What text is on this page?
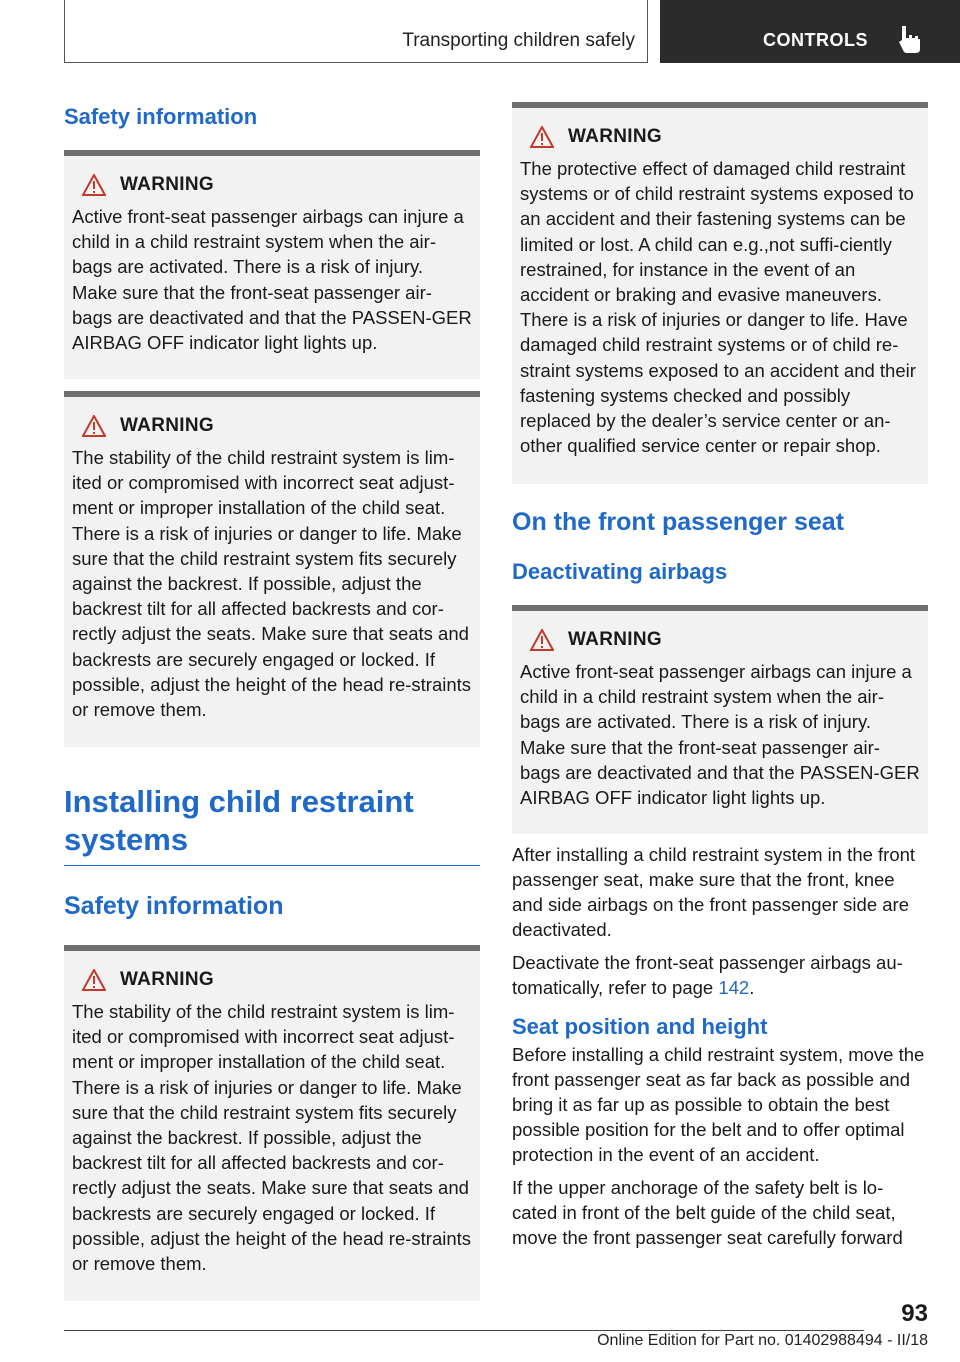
Transporting children safely	CONTROLS
Safety information
WARNING
Active front-seat passenger airbags can injure a child in a child restraint system when the air-bags are activated. There is a risk of injury. Make sure that the front-seat passenger air-bags are deactivated and that the PASSEN-GER AIRBAG OFF indicator light lights up.
WARNING
The stability of the child restraint system is lim-ited or compromised with incorrect seat adjust-ment or improper installation of the child seat. There is a risk of injuries or danger to life. Make sure that the child restraint system fits securely against the backrest. If possible, adjust the backrest tilt for all affected backrests and cor-rectly adjust the seats. Make sure that seats and backrests are securely engaged or locked. If possible, adjust the height of the head re-straints or remove them.
Installing child restraint systems
Safety information
WARNING
The stability of the child restraint system is lim-ited or compromised with incorrect seat adjust-ment or improper installation of the child seat. There is a risk of injuries or danger to life. Make sure that the child restraint system fits securely against the backrest. If possible, adjust the backrest tilt for all affected backrests and cor-rectly adjust the seats. Make sure that seats and backrests are securely engaged or locked. If possible, adjust the height of the head re-straints or remove them.
WARNING
The protective effect of damaged child restraint systems or of child restraint systems exposed to an accident and their fastening systems can be limited or lost. A child can e.g.,not suffi-ciently restrained, for instance in the event of an accident or braking and evasive maneuvers. There is a risk of injuries or danger to life. Have damaged child restraint systems or of child re-straint systems exposed to an accident and their fastening systems checked and possibly replaced by the dealer’s service center or an-other qualified service center or repair shop.
On the front passenger seat
Deactivating airbags
WARNING
Active front-seat passenger airbags can injure a child in a child restraint system when the air-bags are activated. There is a risk of injury. Make sure that the front-seat passenger air-bags are deactivated and that the PASSEN-GER AIRBAG OFF indicator light lights up.

After installing a child restraint system in the front passenger seat, make sure that the front, knee and side airbags on the front passenger side are deactivated.

Deactivate the front-seat passenger airbags au-tomatically, refer to page 142.

Seat position and height

Before installing a child restraint system, move the front passenger seat as far back as possible and bring it as far up as possible to obtain the best possible position for the belt and to offer optimal protection in the event of an accident.

If the upper anchorage of the safety belt is lo-cated in front of the belt guide of the child seat, move the front passenger seat carefully forward

93
Online Edition for Part no. 01402988494 - II/18
